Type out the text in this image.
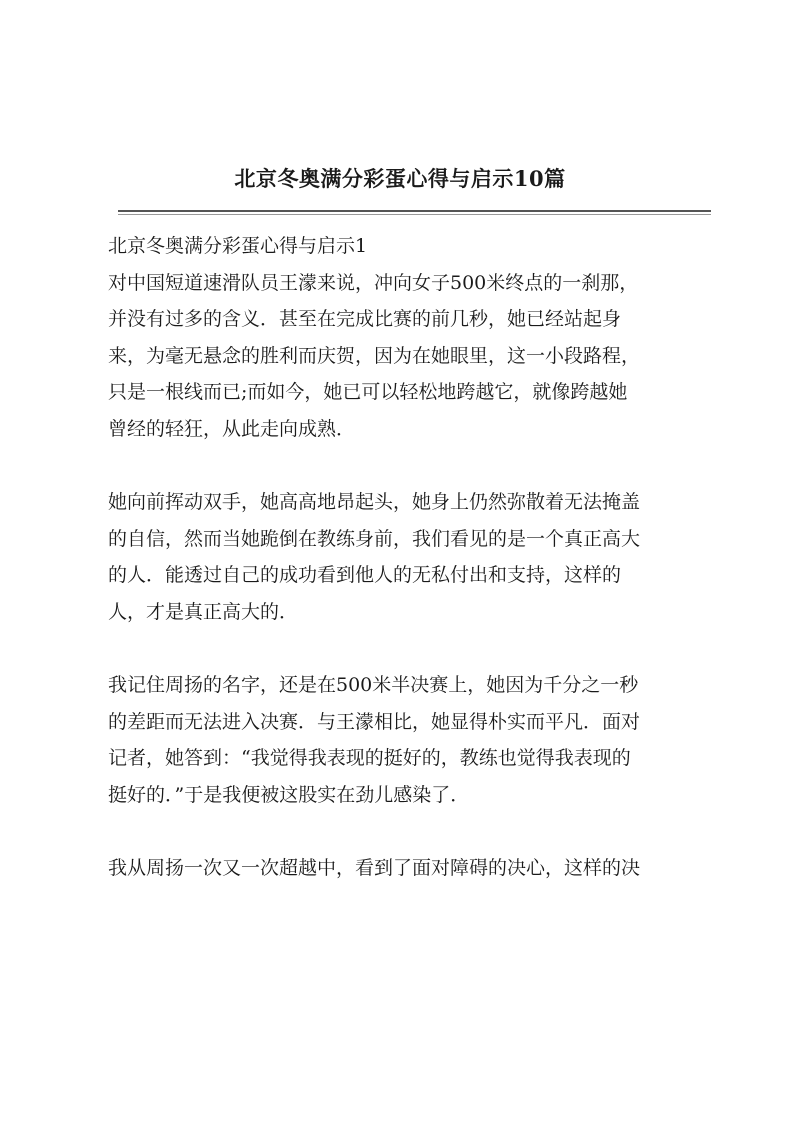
北京冬奥满分彩蛋心得与启示10篇

北京冬奥满分彩蛋心得与启示1

对中国短道速滑队员王濛来说，冲向女子500米终点的一刹那，

并没有过多的含义．甚至在完成比赛的前几秒，她已经站起身

来，为毫无悬念的胜利而庆贺，因为在她眼里，这一小段路程，

只是一根线而已;而如今，她已可以轻松地跨越它，就像跨越她

曾经的轻狂，从此走向成熟．

她向前挥动双手，她高高地昂起头，她身上仍然弥散着无法掩盖

的自信，然而当她跪倒在教练身前，我们看见的是一个真正高大

的人．能透过自己的成功看到他人的无私付出和支持，这样的

人，才是真正高大的．

我记住周扬的名字，还是在500米半决赛上，她因为千分之一秒

的差距而无法进入决赛．与王濛相比，她显得朴实而平凡．面对

记者，她答到：“我觉得我表现的挺好的，教练也觉得我表现的

挺好的．”于是我便被这股实在劲儿感染了．

我从周扬一次又一次超越中，看到了面对障碍的决心，这样的决
